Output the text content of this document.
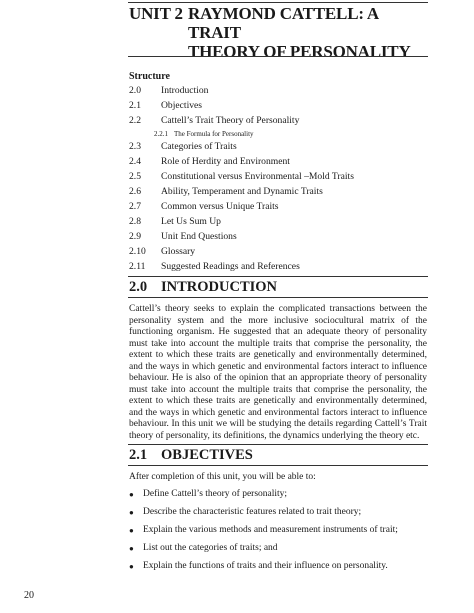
UNIT 2 RAYMOND CATTELL: A TRAIT
THEORY OF PERSONALITY
Structure
2.0	Introduction
2.1	Objectives
2.2	Cattell’s Trait Theory of Personality
2.2.1 The Formula for Personality
2.3	Categories of Traits
2.4	Role of Herdity and Environment
2.5	Constitutional versus Environmental –Mold Traits
2.6	Ability, Temperament and Dynamic Traits
2.7	Common versus Unique Traits
2.8	Let Us Sum Up
2.9	Unit End Questions
2.10	Glossary
2.11	Suggested Readings and References
2.0 INTRODUCTION

Cattell’s theory seeks to explain the complicated transactions between the personality system and the more inclusive sociocultural matrix of the functioning organism. He suggested that an adequate theory of personality must take into account the multiple traits that comprise the personality, the extent to which these traits are genetically and environmentally determined, and the ways in which genetic and environmental factors interact to influence behaviour. He is also of the opinion that an appropriate theory of personality must take into account the multiple traits that comprise the personality, the extent to which these traits are genetically and environmentally determined, and the ways in which genetic and environmental factors interact to influence behaviour. In this unit we will be studying the details regarding Cattell’s Trait theory of personality, its definitions, the dynamics underlying the theory etc.

2.1 OBJECTIVES

After completion of this unit, you will be able to:

● Define Cattell’s theory of personality;
● Describe the characteristic features related to trait theory;
● Explain the various methods and measurement instruments of trait;
● List out the categories of traits; and
● Explain the functions of traits and their influence on personality.
20
